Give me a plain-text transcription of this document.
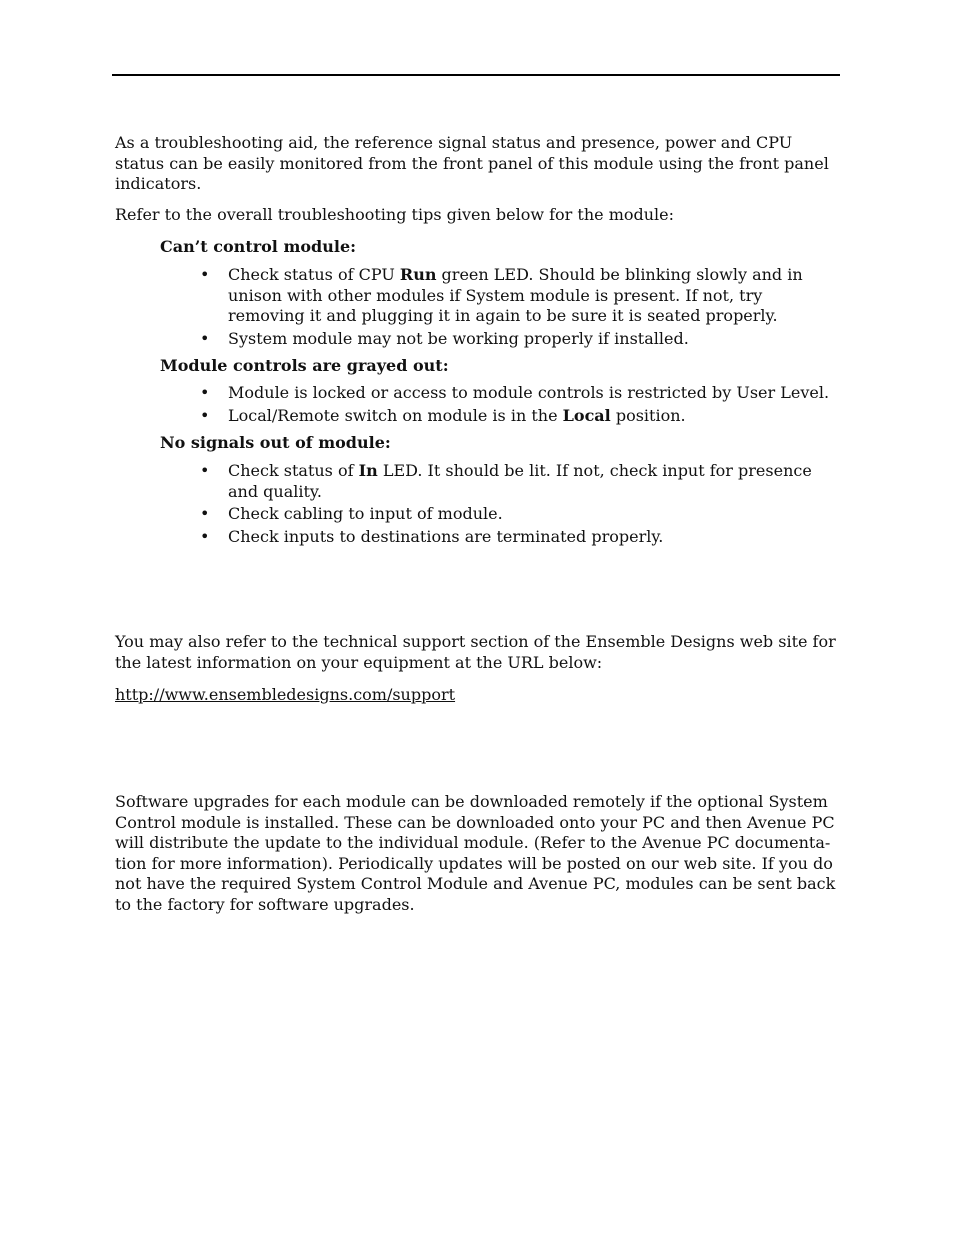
As a troubleshooting aid, the reference signal status and presence, power and CPU status can be easily monitored from the front panel of this module using the front panel indicators.

Refer to the overall troubleshooting tips given below for the module:

Can’t control module:

• Check status of CPU Run green LED. Should be blinking slowly and in unison with other modules if System module is present. If not, try removing it and plugging it in again to be sure it is seated properly.
• System module may not be working properly if installed.

Module controls are grayed out:

• Module is locked or access to module controls is restricted by User Level.
• Local/Remote switch on module is in the Local position.

No signals out of module:

• Check status of In LED. It should be lit. If not, check input for presence and quality.
• Check cabling to input of module.
• Check inputs to destinations are terminated properly.

You may also refer to the technical support section of the Ensemble Designs web site for the latest information on your equipment at the URL below:

http://www.ensembledesigns.com/support

Software upgrades for each module can be downloaded remotely if the optional System Control module is installed. These can be downloaded onto your PC and then Avenue PC will distribute the update to the individual module. (Refer to the Avenue PC documentation for more information). Periodically updates will be posted on our web site. If you do not have the required System Control Module and Avenue PC, modules can be sent back to the factory for software upgrades.
